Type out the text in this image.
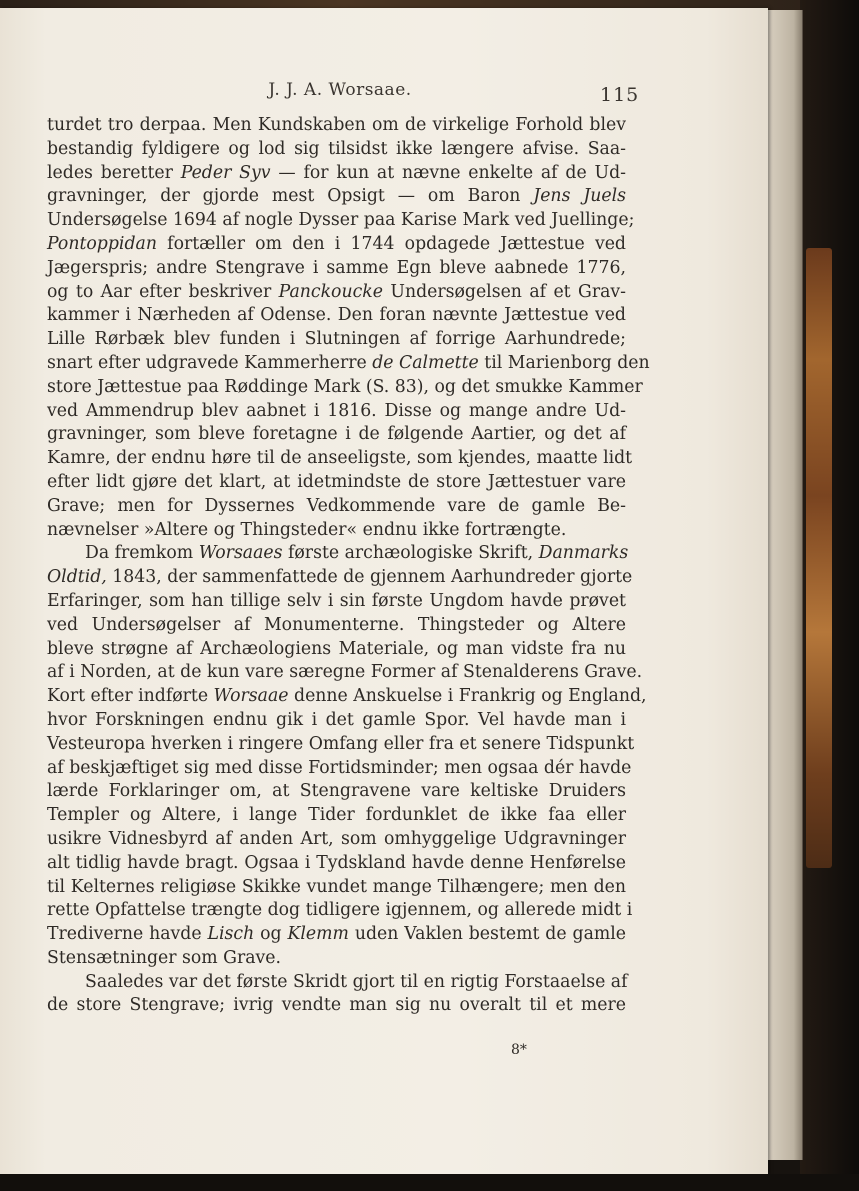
J. J. A. Worsaae.	115
turdet tro derpaa. Men Kundskaben om de virkelige Forhold blev
bestandig fyldigere og lod sig tilsidst ikke længere afvise. Saa-
ledes beretter Peder Syv — for kun at nævne enkelte af de Ud-
gravninger, der gjorde mest Opsigt — om Baron Jens Juels
Undersøgelse 1694 af nogle Dysser paa Karise Mark ved Juellinge;
Pontoppidan fortæller om den i 1744 opdagede Jættestue ved
Jægerspris; andre Stengrave i samme Egn bleve aabnede 1776,
og to Aar efter beskriver Panckoucke Undersøgelsen af et Grav-
kammer i Nærheden af Odense. Den foran nævnte Jættestue ved
Lille Rørbæk blev funden i Slutningen af forrige Aarhundrede;
snart efter udgravede Kammerherre de Calmette til Marienborg den
store Jættestue paa Røddinge Mark (S. 83), og det smukke Kammer
ved Ammendrup blev aabnet i 1816. Disse og mange andre Ud-
gravninger, som bleve foretagne i de følgende Aartier, og det af
Kamre, der endnu høre til de anseeligste, som kjendes, maatte lidt
efter lidt gjøre det klart, at idetmindste de store Jættestuer vare
Grave; men for Dyssernes Vedkommende vare de gamle Be-
nævnelser »Altere og Thingsteder« endnu ikke fortrængte.
Da fremkom Worsaaes første archæologiske Skrift, Danmarks
Oldtid, 1843, der sammenfattede de gjennem Aarhundreder gjorte
Erfaringer, som han tillige selv i sin første Ungdom havde prøvet
ved Undersøgelser af Monumenterne. Thingsteder og Altere
bleve strøgne af Archæologiens Materiale, og man vidste fra nu
af i Norden, at de kun vare særegne Former af Stenalderens Grave.
Kort efter indførte Worsaae denne Anskuelse i Frankrig og England,
hvor Forskningen endnu gik i det gamle Spor. Vel havde man i
Vesteuropa hverken i ringere Omfang eller fra et senere Tidspunkt
af beskjæftiget sig med disse Fortidsminder; men ogsaa dér havde
lærde Forklaringer om, at Stengravene vare keltiske Druiders
Templer og Altere, i lange Tider fordunklet de ikke faa eller
usikre Vidnesbyrd af anden Art, som omhyggelige Udgravninger
alt tidlig havde bragt. Ogsaa i Tydskland havde denne Henførelse
til Kelternes religiøse Skikke vundet mange Tilhængere; men den
rette Opfattelse trængte dog tidligere igjennem, og allerede midt i
Trediverne havde Lisch og Klemm uden Vaklen bestemt de gamle
Stensætninger som Grave.
Saaledes var det første Skridt gjort til en rigtig Forstaaelse af
de store Stengrave; ivrig vendte man sig nu overalt til et mere
8*
